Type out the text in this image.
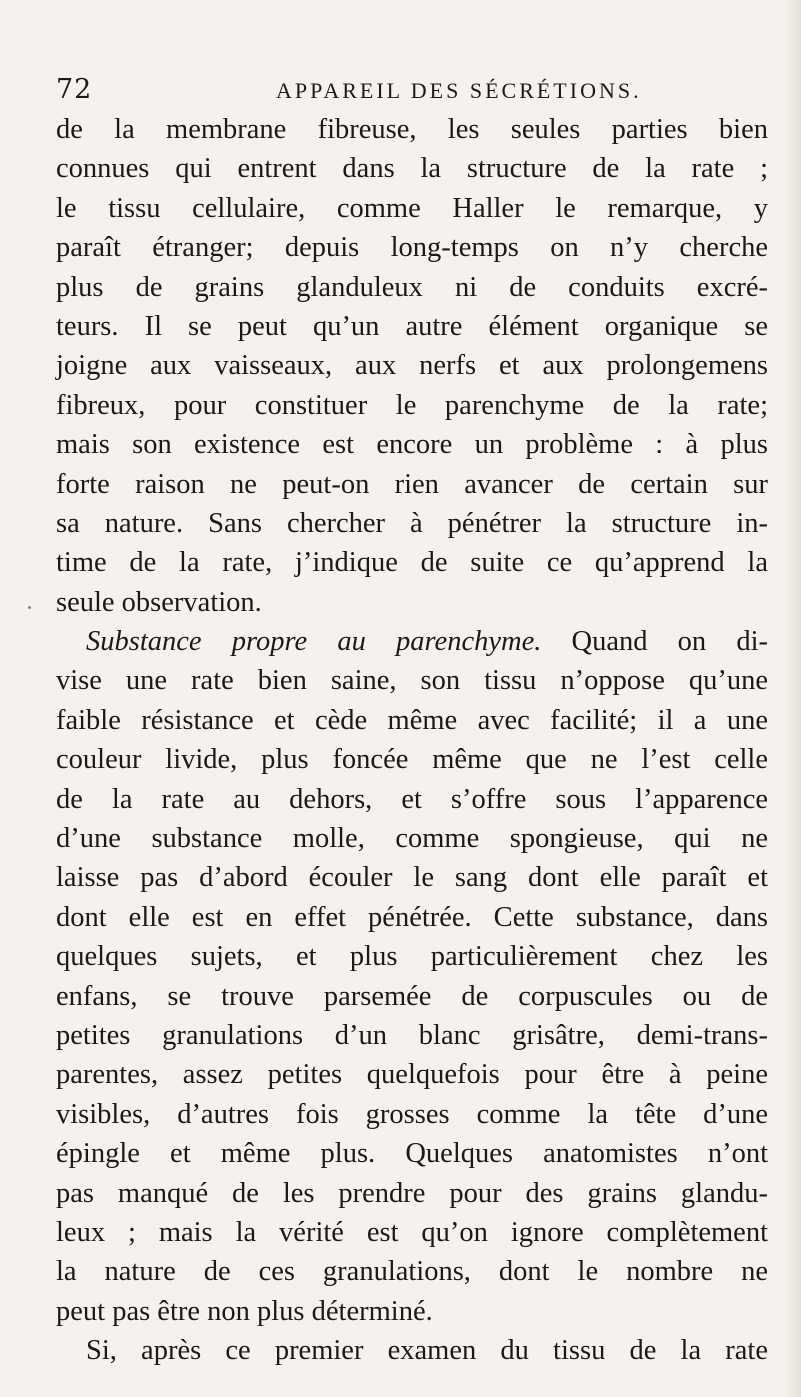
72	APPAREIL DES SÉCRÉTIONS.
de la membrane fibreuse, les seules parties bien
connues qui entrent dans la structure de la rate ;
le tissu cellulaire, comme Haller le remarque, y
paraît étranger; depuis long-temps on n’y cherche
plus de grains glanduleux ni de conduits excré-
teurs. Il se peut qu’un autre élément organique se
joigne aux vaisseaux, aux nerfs et aux prolongemens
fibreux, pour constituer le parenchyme de la rate;
mais son existence est encore un problème : à plus
forte raison ne peut-on rien avancer de certain sur
sa nature. Sans chercher à pénétrer la structure in-
time de la rate, j’indique de suite ce qu’apprend la
seule observation.
Substance propre au parenchyme. Quand on di-
vise une rate bien saine, son tissu n’oppose qu’une
faible résistance et cède même avec facilité; il a une
couleur livide, plus foncée même que ne l’est celle
de la rate au dehors, et s’offre sous l’apparence
d’une substance molle, comme spongieuse, qui ne
laisse pas d’abord écouler le sang dont elle paraît et
dont elle est en effet pénétrée. Cette substance, dans
quelques sujets, et plus particulièrement chez les
enfans, se trouve parsemée de corpuscules ou de
petites granulations d’un blanc grisâtre, demi-trans-
parentes, assez petites quelquefois pour être à peine
visibles, d’autres fois grosses comme la tête d’une
épingle et même plus. Quelques anatomistes n’ont
pas manqué de les prendre pour des grains glandu-
leux ; mais la vérité est qu’on ignore complètement
la nature de ces granulations, dont le nombre ne
peut pas être non plus déterminé.
Si, après ce premier examen du tissu de la rate
